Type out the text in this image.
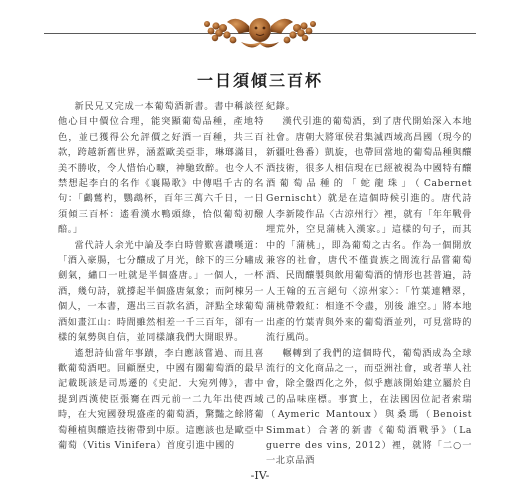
一日須傾三百杯

新民兄又完成一本葡萄酒新書。書中稱談徑他心目中價位合理，能突顯葡萄品種，產地特色，並已獲得公允評價之好酒一百種，共三百款，跨越新舊世界，涵蓋歐美亞非，琳瑯滿目，美不勝收，令人惜怡心曠，神馳致醉。也令人不禁想起李白的名作《襄陽歌》中傳唱千古的名句：「鸕鶿杓，鸚鵡杯，百年三萬六千日，一日須傾三百杯：遙看漢水鴨頭綠，恰似葡萄初醱醅。」

當代詩人余光中論及李白時曾歎喜讚嘆道：「酒入豪腸，七分釀成了月光，餘下的三分嘯成劍氣，繡口一吐就是半個盛唐。」一個人，一杯酒，幾句詩，就撐起半個盛唐氣象；而阿棟另一個人，一本書，選出三百款名酒，評點全球葡萄酒如畫江山：時間雖然相差一千三百年，卻有一樣的氣勢與自信，並同樣讓我們大開眼界。

遙想詩仙當年事蹟，李白應該嘗過、而且喜歡葡萄酒吧。回顧歷史，中國有關葡萄酒的最早記載既該是司馬遷的《史記．大宛列傳》，書中提到西漢使臣張騫在西元前一二九年出使西域時，在大宛國發現盛產的葡萄酒，驚豔之餘將葡萄種植與釀造技術帶到中原。這應該也是歐亞中葡萄（Vitis Vinifera）首度引進中國的

紀錄。

漢代引進的葡萄酒，到了唐代開始深入本地社會。唐朝大將軍侯君集滅西域高昌國（現今的新疆吐魯番）凱旋，也帶回當地的葡萄品種與釀酒技術，很多人相信現在已經被視為中國特有釀酒葡萄品種的「蛇龍珠」（Cabernet Gernischt）就是在這個時候引進的。唐代詩人李新陵作品〈古涼州行〉裡，就有「年年戰骨埋荒外，空見蒲桃入漢家。」這樣的句子，而其中的「蒲桃」，即為葡萄之古名。作為一個開放兼容的社會，唐代不僅貴族之間流行品嘗葡萄酒、民間釀製與飲用葡萄酒的情形也甚普遍，詩人王翰的五言絕句〈涼州家〉：「竹葉連糟翠，蒲桃帶穀紅：相逢不令盡，別後 誰空。」將本地出產的竹葉青與外來的葡萄酒並列，可見當時的流行風尚。

輾轉到了我們的這個時代，葡萄酒成為全球流行的文化商品之一，而亞洲社會，或者華人社會，除全盤西化之外，似乎應該開始建立屬於自己的品味座標。事實上，在法國因位記者索瑞（Aymeric Mantoux）與桑瑪（Benoist Simmat）合著的新書《葡萄酒戰爭》（La guerre des vins, 2012）裡，就將「二○一一北京品酒

-IV-
